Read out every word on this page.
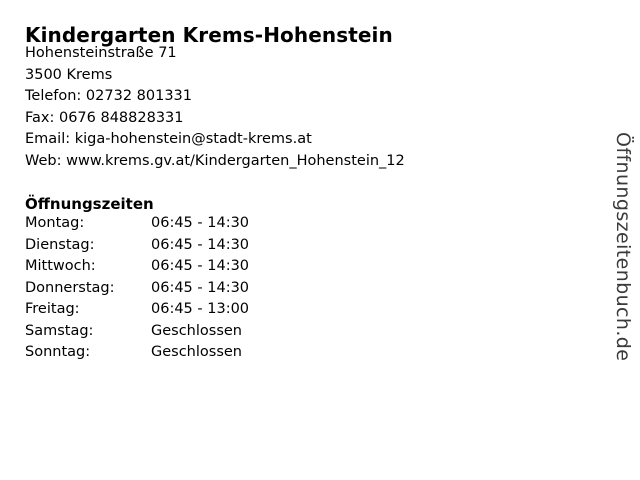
Kindergarten Krems-Hohenstein
Hohensteinstraße 71
3500 Krems
Telefon: 02732 801331
Fax: 0676 848828331
Email: kiga-hohenstein@stadt-krems.at
Web: www.krems.gv.at/Kindergarten_Hohenstein_12
Öffnungszeiten
Montag:	06:45 - 14:30
Dienstag:	06:45 - 14:30
Mittwoch:	06:45 - 14:30
Donnerstag:	06:45 - 14:30
Freitag:	06:45 - 13:00
Samstag:	Geschlossen
Sonntag:	Geschlossen	Öffnungszeitenbuch.de
